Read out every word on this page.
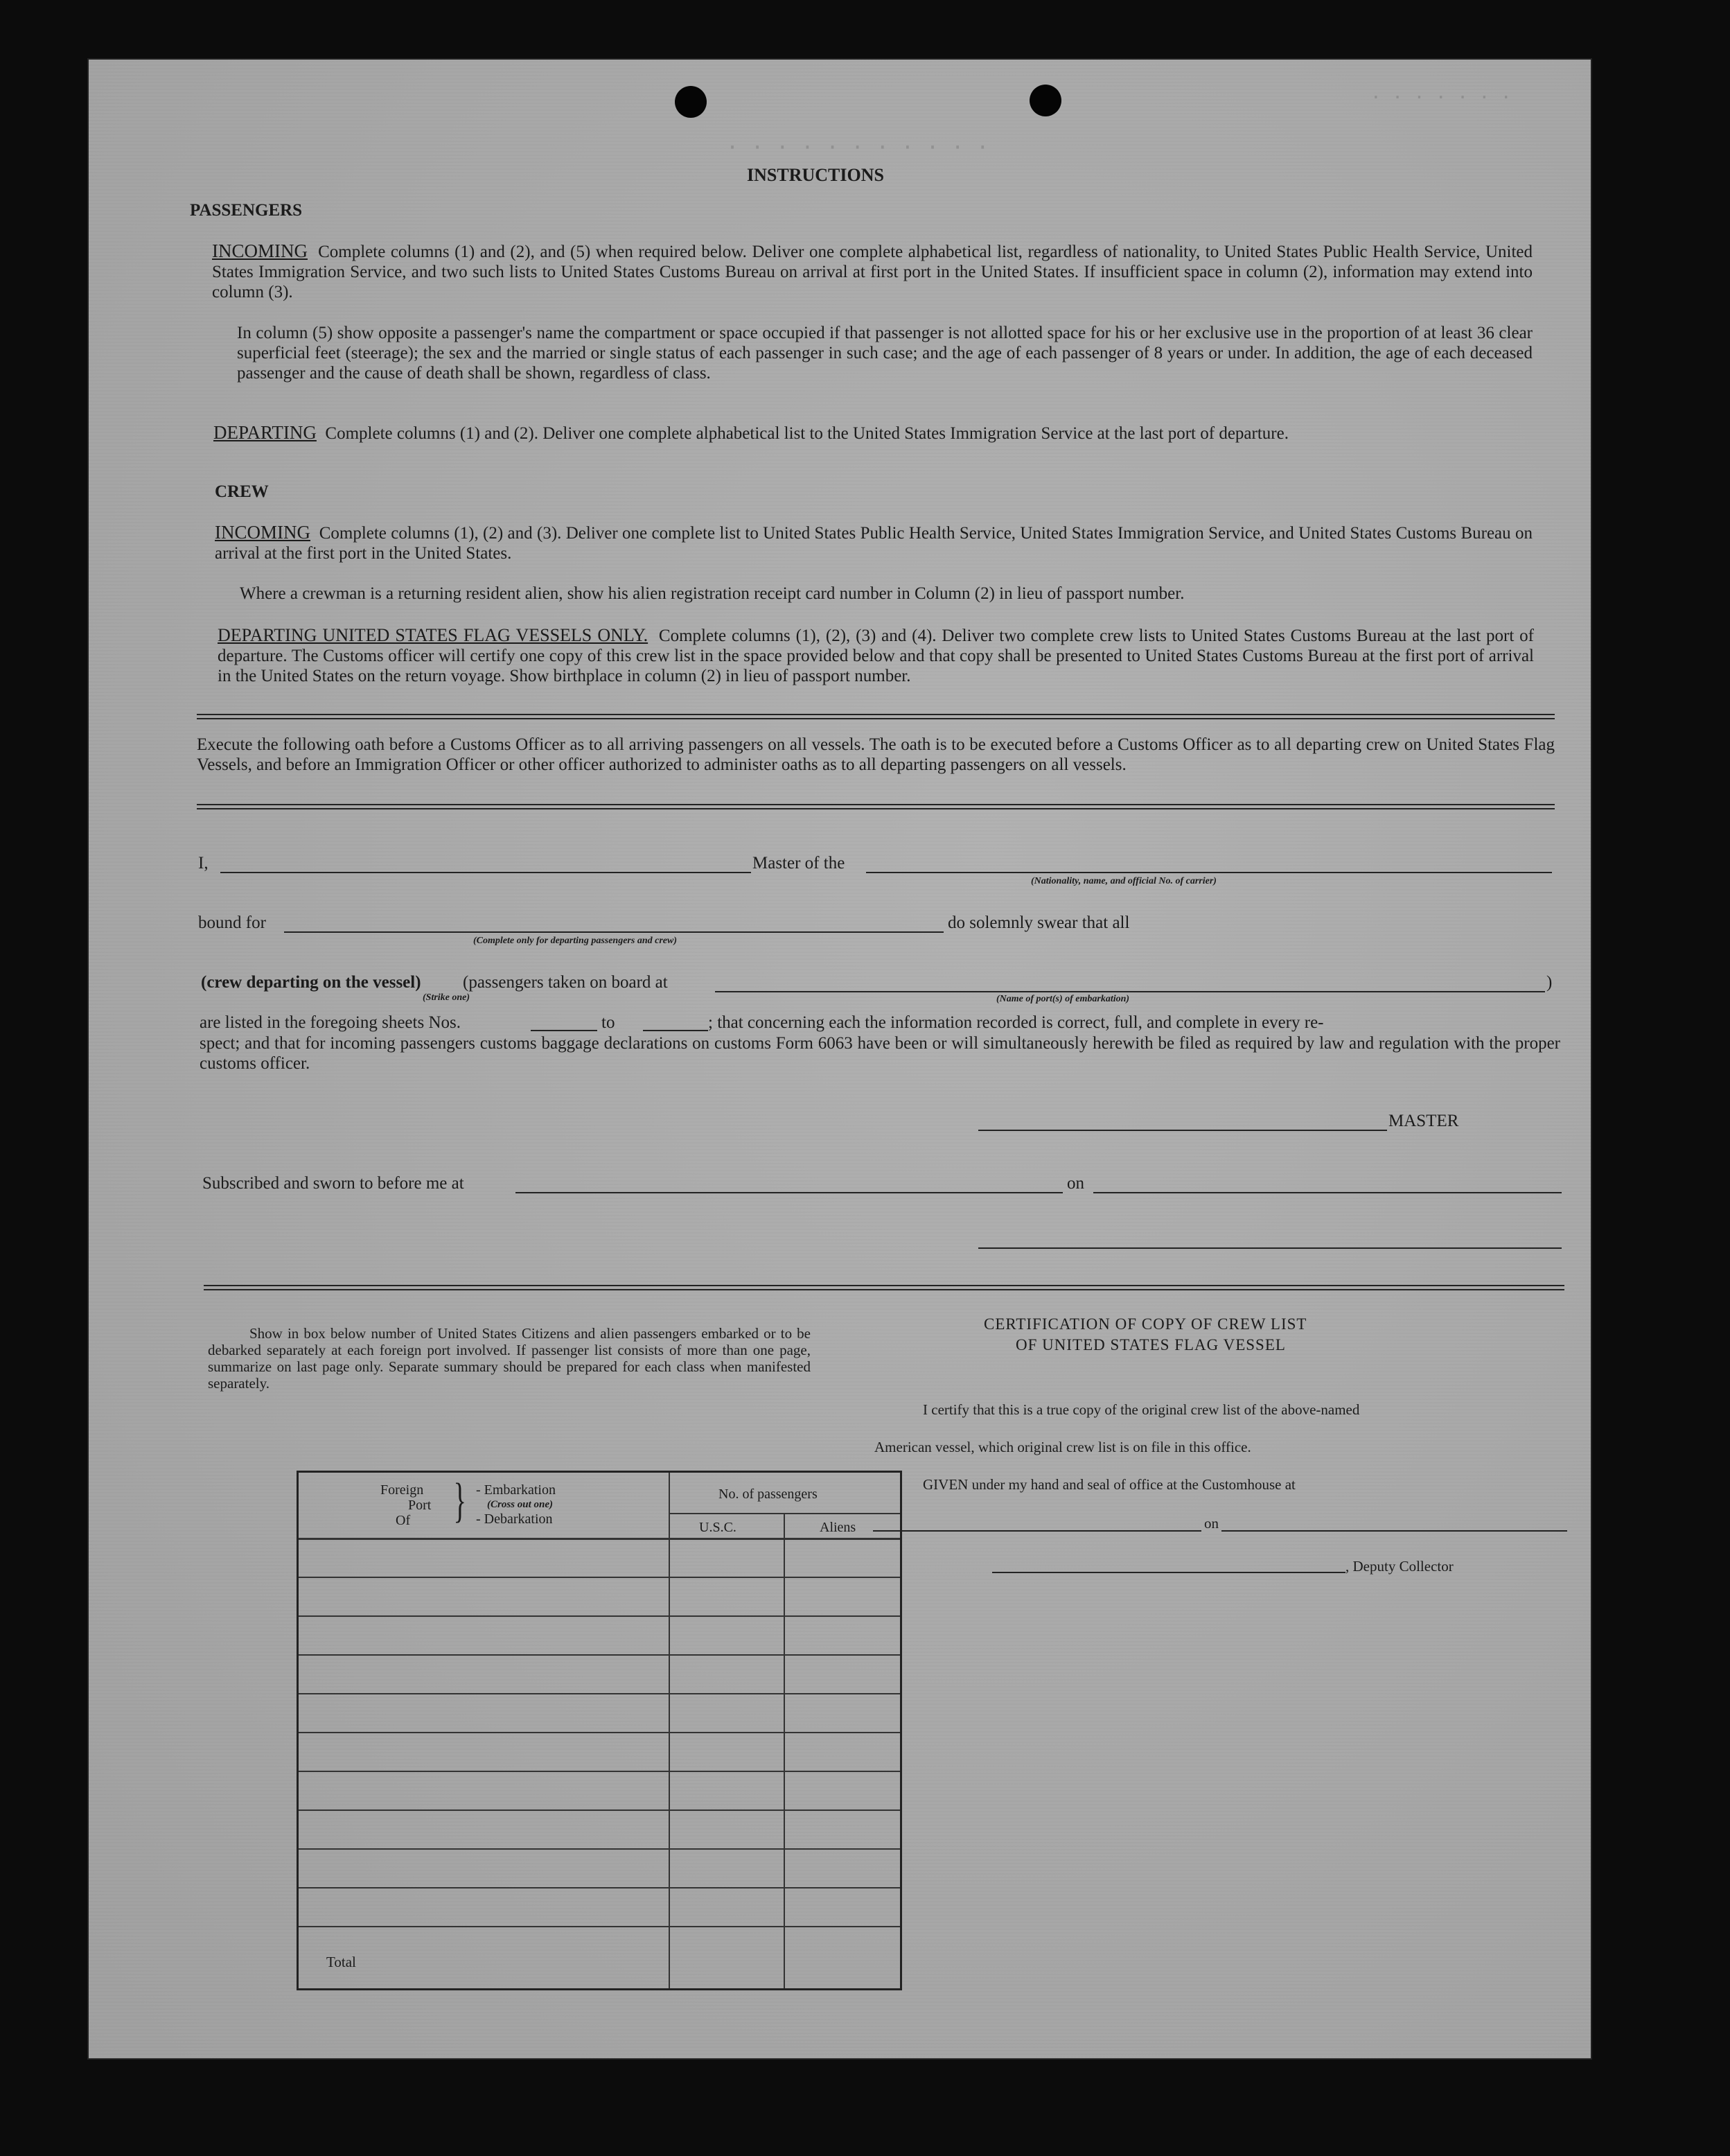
· · · · · · · · · · ·
· · · · · · ·
INSTRUCTIONS
PASSENGERS
INCOMING Complete columns (1) and (2), and (5) when required below. Deliver one complete alphabetical list, regardless of nationality, to United States Public Health Service, United States Immigration Service, and two such lists to United States Customs Bureau on arrival at first port in the United States. If insufficient space in column (2), information may extend into column (3).
In column (5) show opposite a passenger's name the compartment or space occupied if that passenger is not allotted space for his or her exclusive use in the proportion of at least 36 clear superficial feet (steerage); the sex and the married or single status of each passenger in such case; and the age of each passenger of 8 years or under. In addition, the age of each deceased passenger and the cause of death shall be shown, regardless of class.
DEPARTING Complete columns (1) and (2). Deliver one complete alphabetical list to the United States Immigration Service at the last port of departure.
CREW
INCOMING Complete columns (1), (2) and (3). Deliver one complete list to United States Public Health Service, United States Immigration Service, and United States Customs Bureau on arrival at the first port in the United States.
Where a crewman is a returning resident alien, show his alien registration receipt card number in Column (2) in lieu of passport number.
DEPARTING UNITED STATES FLAG VESSELS ONLY. Complete columns (1), (2), (3) and (4). Deliver two complete crew lists to United States Customs Bureau at the last port of departure. The Customs officer will certify one copy of this crew list in the space provided below and that copy shall be presented to United States Customs Bureau at the first port of arrival in the United States on the return voyage. Show birthplace in column (2) in lieu of passport number.
Execute the following oath before a Customs Officer as to all arriving passengers on all vessels. The oath is to be executed before a Customs Officer as to all departing crew on United States Flag Vessels, and before an Immigration Officer or other officer authorized to administer oaths as to all departing passengers on all vessels.
I,	Master of the
(Nationality, name, and official No. of carrier)
bound for
(Complete only for departing passengers and crew)
do solemnly swear that all
(crew departing on the vessel)
(Strike one)
(passengers taken on board at
(Name of port(s) of embarkation)
)
are listed in the foregoing sheets Nos.	to	; that concerning each the information recorded is correct, full, and complete in every re-
spect; and that for incoming passengers customs baggage declarations on customs Form 6063 have been or will simultaneously herewith be filed as required by law and regulation with the proper customs officer.
MASTER
Subscribed and sworn to before me at	on
Show in box below number of United States Citizens and alien passengers embarked or to be debarked separately at each foreign port involved. If passenger list consists of more than one page, summarize on last page only. Separate summary should be prepared for each class when manifested separately.
Foreign
Port
Of } - Embarkation
(Cross out one)
- Debarkation
No. of passengers
U.S.C.	Aliens
Total
CERTIFICATION OF COPY OF CREW LIST
OF UNITED STATES FLAG VESSEL
I certify that this is a true copy of the original crew list of the above-named
American vessel, which original crew list is on file in this office.
GIVEN under my hand and seal of office at the Customhouse at
on
, Deputy Collector
